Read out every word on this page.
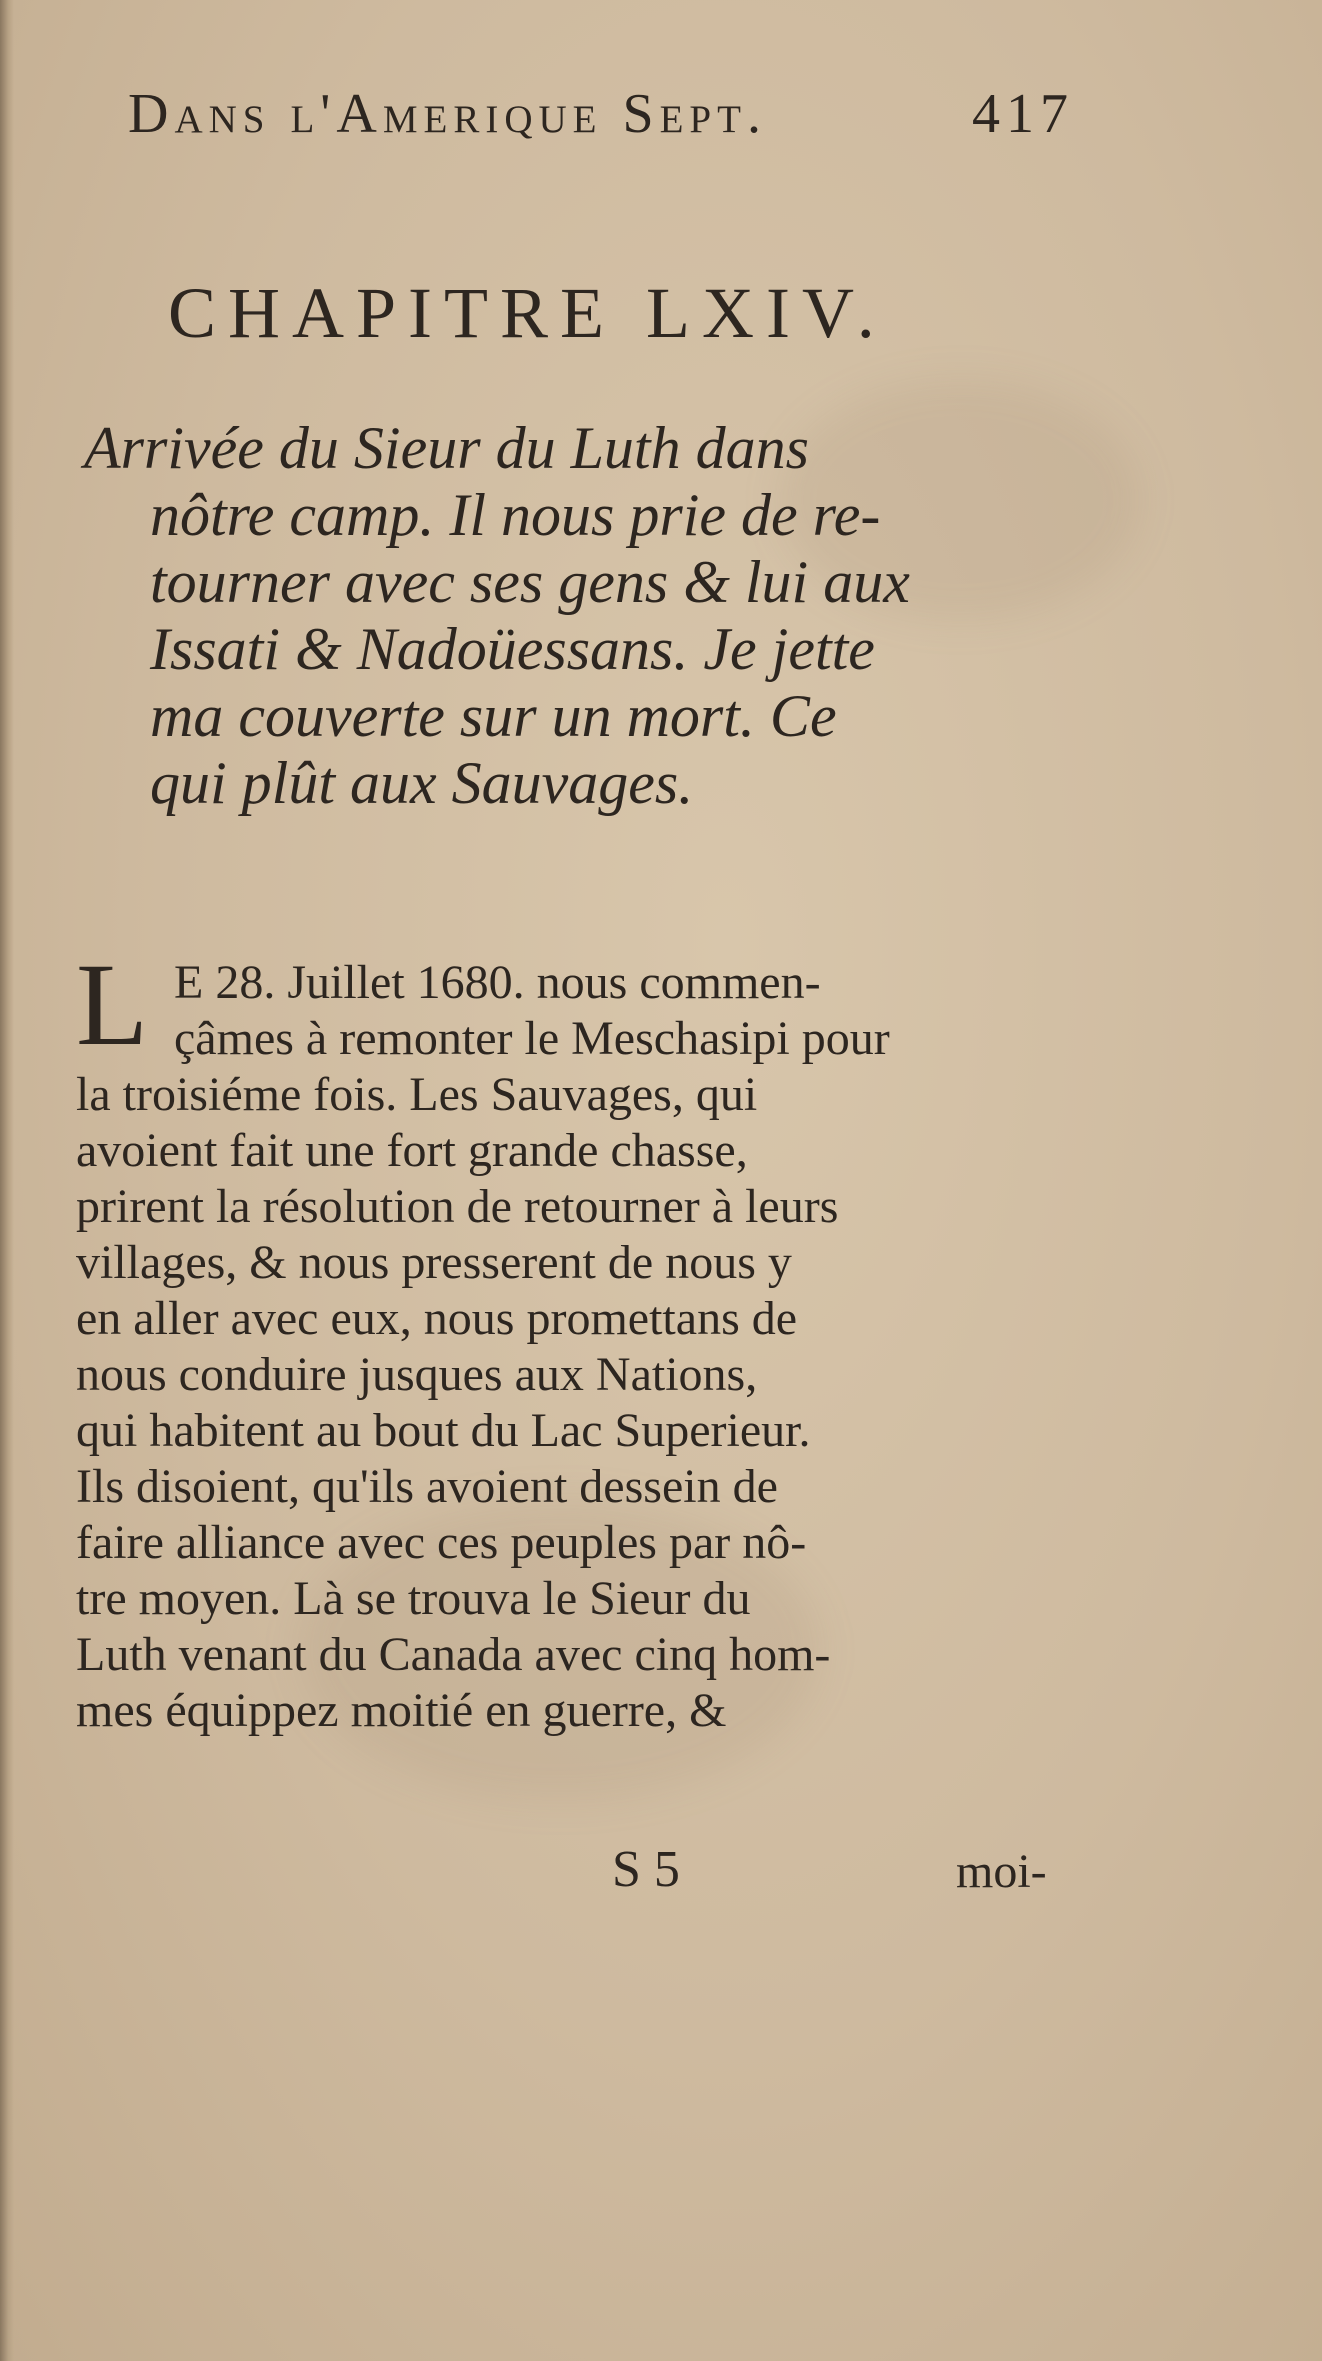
Dans l'Amerique Sept.	417
CHAPITRE LXIV.
Arrivée du Sieur du Luth dans
nôtre camp. Il nous prie de re-
tourner avec ses gens & lui aux
Issati & Nadoüessans. Je jette
ma couverte sur un mort. Ce
qui plût aux Sauvages.
L E 28. Juillet 1680. nous commen-
çâmes à remonter le Meschasipi pour
la troisiéme fois. Les Sauvages, qui
avoient fait une fort grande chasse,
prirent la résolution de retourner à leurs
villages, & nous presserent de nous y
en aller avec eux, nous promettans de
nous conduire jusques aux Nations,
qui habitent au bout du Lac Superieur.
Ils disoient, qu'ils avoient dessein de
faire alliance avec ces peuples par nô-
tre moyen. Là se trouva le Sieur du
Luth venant du Canada avec cinq hom-
mes équippez moitié en guerre, &
S 5	moi-
